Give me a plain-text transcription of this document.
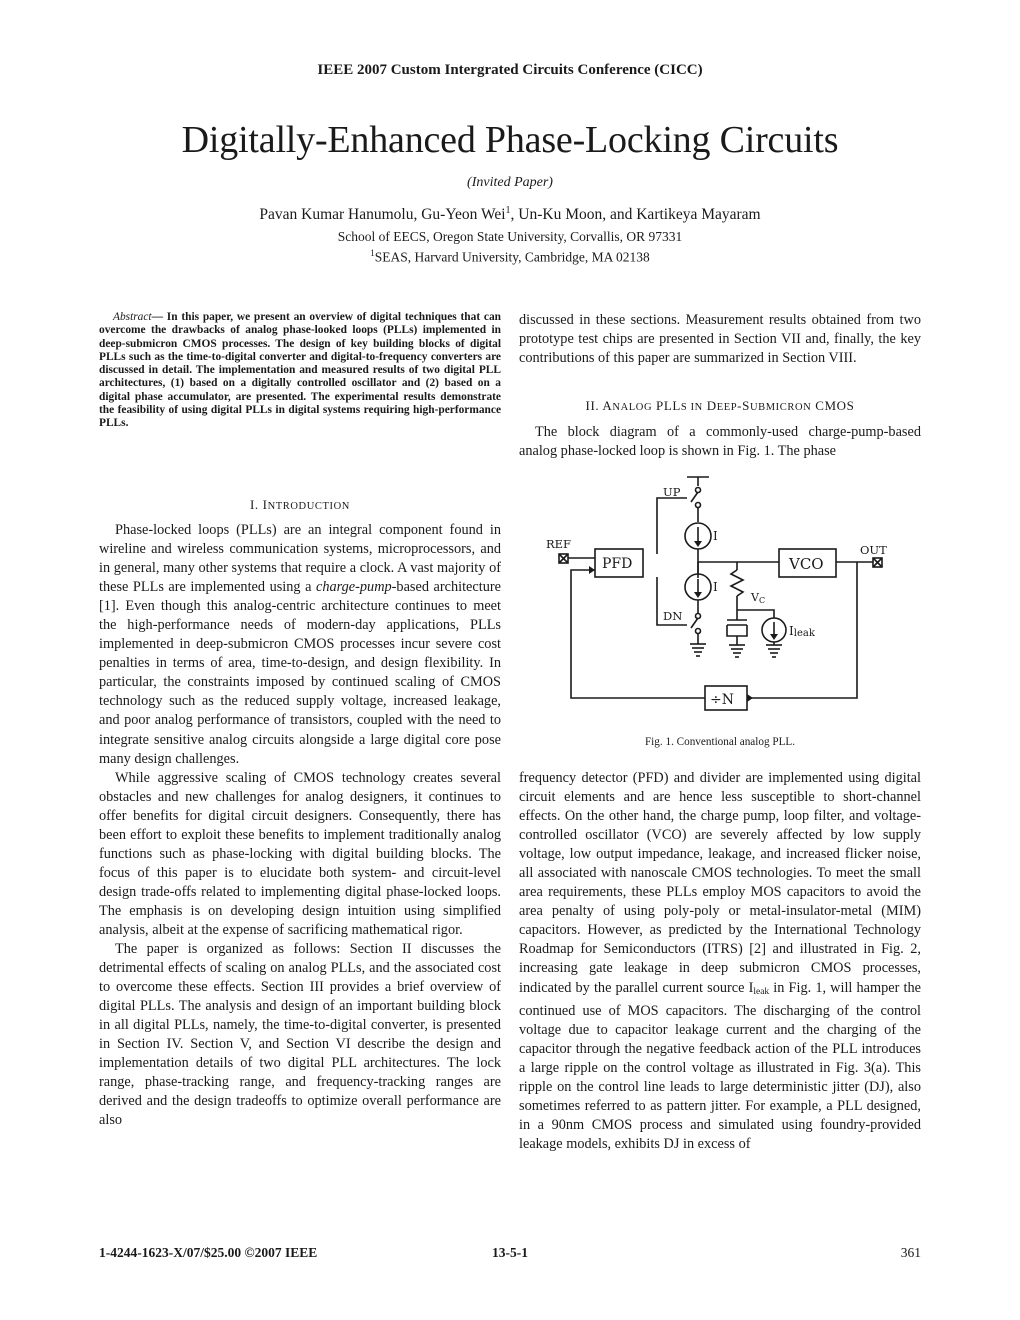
IEEE 2007 Custom Intergrated Circuits Conference (CICC)
Digitally-Enhanced Phase-Locking Circuits
(Invited Paper)
Pavan Kumar Hanumolu, Gu-Yeon Wei$^1$, Un-Ku Moon, and Kartikeya Mayaram
School of EECS, Oregon State University, Corvallis, OR 97331
$^1$SEAS, Harvard University, Cambridge, MA 02138
Abstract— In this paper, we present an overview of digital techniques that can overcome the drawbacks of analog phase-looked loops (PLLs) implemented in deep-submicron CMOS processes. The design of key building blocks of digital PLLs such as the time-to-digital converter and digital-to-frequency converters are discussed in detail. The implementation and measured results of two digital PLL architectures, (1) based on a digitally controlled oscillator and (2) based on a digital phase accumulator, are presented. The experimental results demonstrate the feasibility of using digital PLLs in digital systems requiring high-performance PLLs.
I. INTRODUCTION

Phase-locked loops (PLLs) are an integral component found in wireline and wireless communication systems, microprocessors, and in general, many other systems that require a clock. A vast majority of these PLLs are implemented using a charge-pump-based architecture [1]. Even though this analog-centric architecture continues to meet the high-performance needs of modern-day applications, PLLs implemented in deep-submicron CMOS processes incur severe cost penalties in terms of area, time-to-design, and design flexibility. In particular, the constraints imposed by continued scaling of CMOS technology such as the reduced supply voltage, increased leakage, and poor analog performance of transistors, coupled with the need to integrate sensitive analog circuits alongside a large digital core pose many design challenges.

While aggressive scaling of CMOS technology creates several obstacles and new challenges for analog designers, it continues to offer benefits for digital circuit designers. Consequently, there has been effort to exploit these benefits to implement traditionally analog functions such as phase-locking with digital building blocks. The focus of this paper is to elucidate both system- and circuit-level design trade-offs related to implementing digital phase-locked loops. The emphasis is on developing design intuition using simplified analysis, albeit at the expense of sacrificing mathematical rigor.

The paper is organized as follows: Section II discusses the detrimental effects of scaling on analog PLLs, and the associated cost to overcome these effects. Section III provides a brief overview of digital PLLs. The analysis and design of an important building block in all digital PLLs, namely, the time-to-digital converter, is presented in Section IV. Section V, and Section VI describe the design and implementation details of two digital PLL architectures. The lock range, phase-tracking range, and frequency-tracking ranges are derived and the design tradeoffs to optimize overall performance are also

discussed in these sections. Measurement results obtained from two prototype test chips are presented in Section VII and, finally, the key contributions of this paper are summarized in Section VIII.

II. ANALOG PLLS IN DEEP-SUBMICRON CMOS

The block diagram of a commonly-used charge-pump-based analog phase-locked loop is shown in Fig. 1. The phase

UP
DN
REF	OUT
PFD	VCO
I
I
VC
Ileak
÷N
Fig. 1. Conventional analog PLL.

frequency detector (PFD) and divider are implemented using digital circuit elements and are hence less susceptible to short-channel effects. On the other hand, the charge pump, loop filter, and voltage-controlled oscillator (VCO) are severely affected by low supply voltage, low output impedance, leakage, and increased flicker noise, all associated with nanoscale CMOS technologies. To meet the small area requirements, these PLLs employ MOS capacitors to avoid the area penalty of using poly-poly or metal-insulator-metal (MIM) capacitors. However, as predicted by the International Technology Roadmap for Semiconductors (ITRS) [2] and illustrated in Fig. 2, increasing gate leakage in deep submicron CMOS processes, indicated by the parallel current source $I_{leak}$ in Fig. 1, will hamper the continued use of MOS capacitors. The discharging of the control voltage due to capacitor leakage current and the charging of the capacitor through the negative feedback action of the PLL introduces a large ripple on the control voltage as illustrated in Fig. 3(a). This ripple on the control line leads to large deterministic jitter (DJ), also sometimes referred to as pattern jitter. For example, a PLL designed, in a 90nm CMOS process and simulated using foundry-provided leakage models, exhibits DJ in excess of

1-4244-1623-X/07/$25.00 ©2007 IEEE	13-5-1	361
